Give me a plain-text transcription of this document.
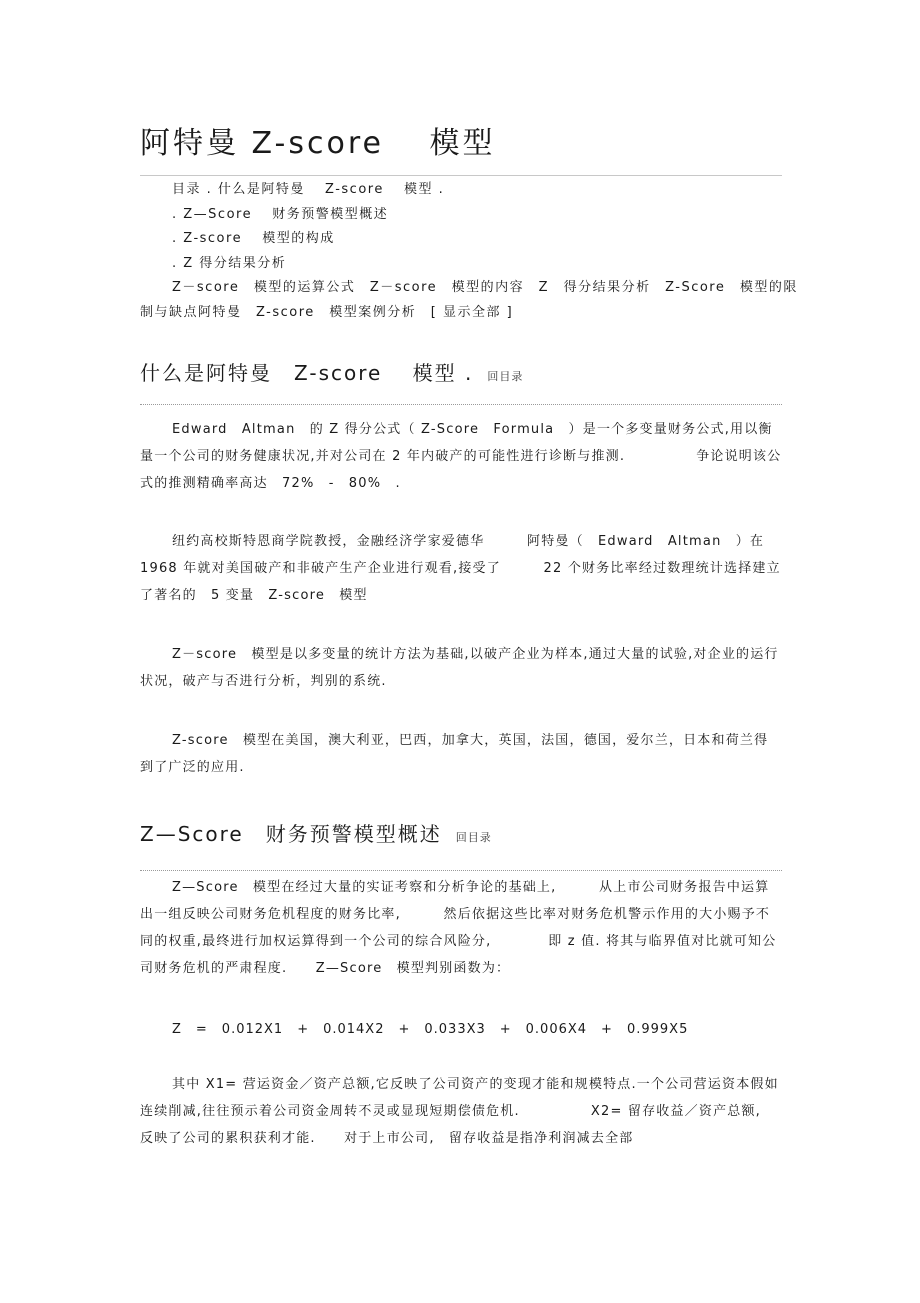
阿特曼 Z-score　 模型
目录 . 什么是阿特曼　 Z-score　 模型 .
. Z—Score　 财务预警模型概述
. Z-score　 模型的构成
. Z 得分结果分析
Z－score　模型的运算公式　Z－score　模型的内容　Z　得分结果分析　Z-Score　模型的限
制与缺点阿特曼　Z-score　模型案例分析　[ 显示全部 ]
什么是阿特曼　Z-score　 模型 . 回目录

Edward　Altman　的 Z 得分公式（ Z-Score　Formula　）是一个多变量财务公式,用以衡量一个公司的财务健康状况,并对公司在 2 年内破产的可能性进行诊断与推测.　　　　　争论说明该公式的推测精确率高达　72%　-　80%　.

纽约高校斯特恩商学院教授，金融经济学家爱德华　　　阿特曼（　Edward　Altman　）在 1968 年就对美国破产和非破产生产企业进行观看,接受了　　　22 个财务比率经过数理统计选择建立了著名的　5 变量　Z-score　模型

Z－score　模型是以多变量的统计方法为基础,以破产企业为样本,通过大量的试验,对企业的运行状况，破产与否进行分析，判别的系统.

Z-score　模型在美国，澳大利亚，巴西，加拿大，英国，法国，德国，爱尔兰，日本和荷兰得到了广泛的应用.

Z—Score　财务预警模型概述 回目录

Z—Score　模型在经过大量的实证考察和分析争论的基础上,　　　从上市公司财务报告中运算出一组反映公司财务危机程度的财务比率,　　　然后依据这些比率对财务危机警示作用的大小赐予不同的权重,最终进行加权运算得到一个公司的综合风险分,　　　　即 z 值. 将其与临界值对比就可知公司财务危机的严肃程度.　　Z—Score　模型判别函数为：

Z　=　0.012X1　+　0.014X2　+　0.033X3　+　0.006X4　+　0.999X5

其中 X1= 营运资金／资产总额,它反映了公司资产的变现才能和规模特点.一个公司营运资本假如连续削减,往往预示着公司资金周转不灵或显现短期偿债危机.　　　　　X2= 留存收益／资产总额,　反映了公司的累积获利才能.　　对于上市公司,　留存收益是指净利润减去全部
